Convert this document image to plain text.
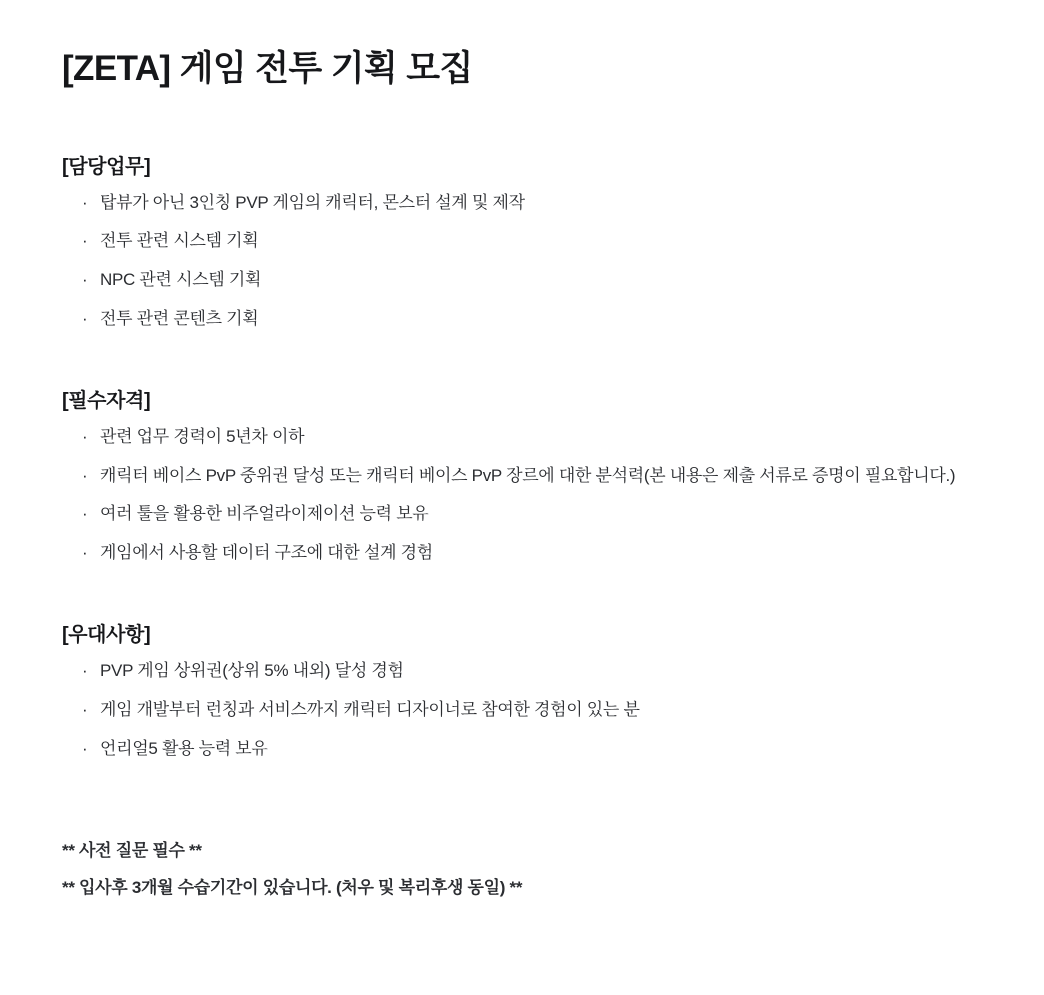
[ZETA] 게임 전투 기획 모집
[담당업무]
· 탑뷰가 아닌 3인칭 PVP 게임의 캐릭터, 몬스터 설계 및 제작
· 전투 관련 시스템 기획
· NPC 관련 시스템 기획
· 전투 관련 콘텐츠 기획
[필수자격]
· 관련 업무 경력이 5년차 이하
· 캐릭터 베이스 PvP 중위권 달성 또는 캐릭터 베이스 PvP 장르에 대한 분석력(본 내용은 제출 서류로 증명이 필요합니다.)
· 여러 툴을 활용한 비주얼라이제이션 능력 보유
· 게임에서 사용할 데이터 구조에 대한 설계 경험
[우대사항]
· PVP 게임 상위권(상위 5% 내외) 달성 경험
· 게임 개발부터 런칭과 서비스까지 캐릭터 디자이너로 참여한 경험이 있는 분
· 언리얼5 활용 능력 보유

** 사전 질문 필수 **

** 입사후 3개월 수습기간이 있습니다. (처우 및 복리후생 동일) **
